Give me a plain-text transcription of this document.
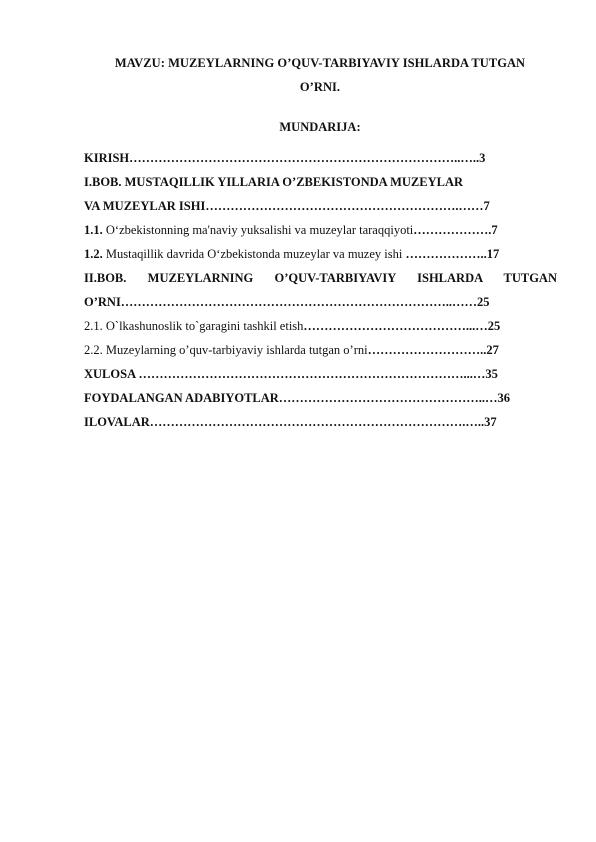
MAVZU: MUZEYLARNING O’QUV-TARBIYAVIY ISHLARDA TUTGAN
O’RNI.
MUNDARIJA:
KIRISH……………………………………………………………………..…..3
I.BOB. MUSTAQILLIK YILLARIA O’ZBEKISTONDA MUZEYLAR
VA MUZEYLAR ISHI…………………………………………………….……7
1.1. O‘zbekistonning ma'naviy yuksalishi va muzeylar taraqqiyoti……………….7
1.2. Mustaqillik davrida O‘zbekistonda muzeylar va muzey ishi ………………..17
II.BOB. MUZEYLARNING O’QUV-TARBIYAVIY ISHLARDA TUTGAN
O’RNI……………………………………………………………………..……25
2.1. O`lkashunoslik to`garagini tashkil etish…………………………………...…25
2.2. Muzeylarning o’quv-tarbiyaviy ishlarda tutgan o’rni………………………..27
XULOSA ……………………………………………………………………...…35
FOYDALANGAN ADABIYOTLAR…………………………………………..…36
ILOVALAR………………………………………………………………….…..37
